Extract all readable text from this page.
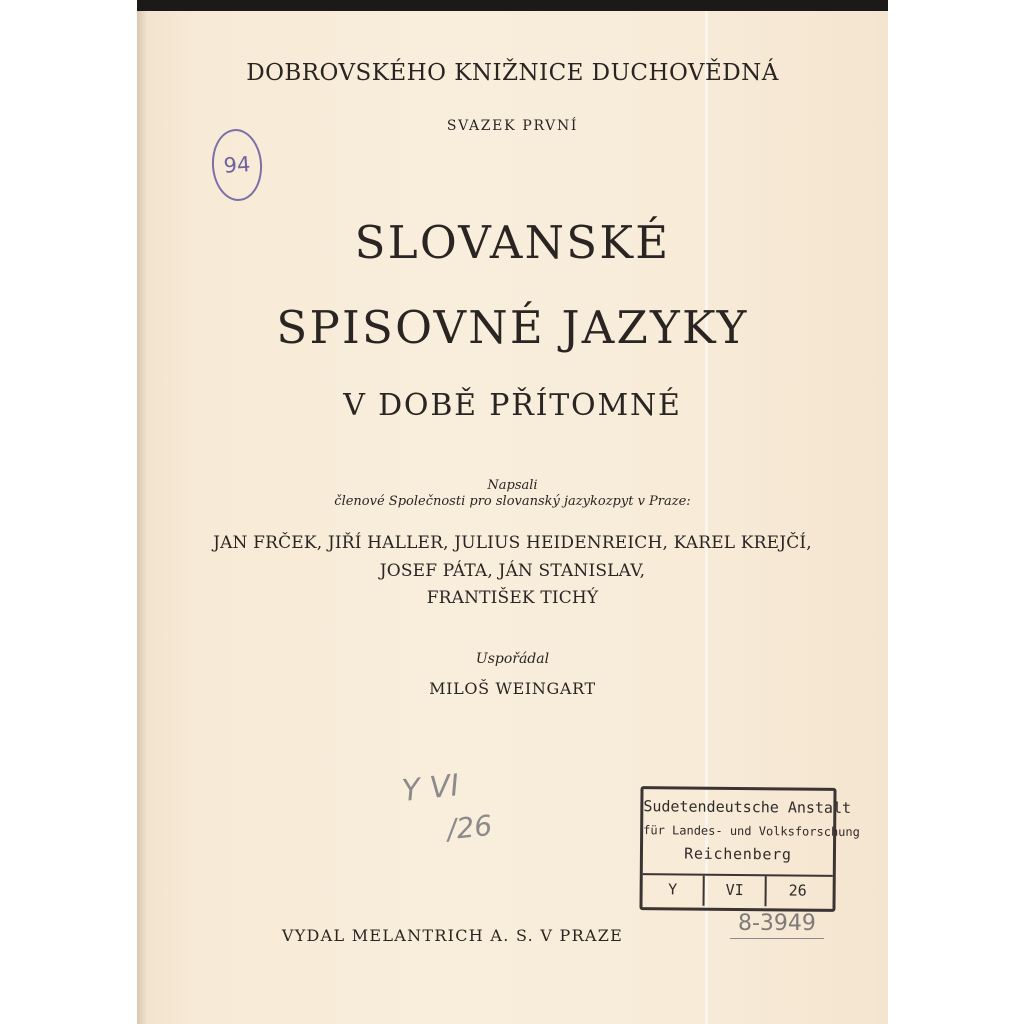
DOBROVSKÉHO KNIŽNICE DUCHOVĚDNÁ
SVAZEK PRVNÍ
94
SLOVANSKÉ
SPISOVNÉ JAZYKY
V DOBĚ PŘÍTOMNÉ
Napsali
členové Společnosti pro slovanský jazykozpyt v Praze:
JAN FRČEK, JIŘÍ HALLER, JULIUS HEIDENREICH, KAREL KREJČÍ,
JOSEF PÁTA, JÁN STANISLAV,
FRANTIŠEK TICHÝ
Uspořádal
MILOŠ WEINGART
Y VI
/26
Sudetendeutsche Anstalt
für Landes- und Volksforschung
Reichenberg
Y	VI	26
VYDAL MELANTRICH A. S. V PRAZE	8-3949
